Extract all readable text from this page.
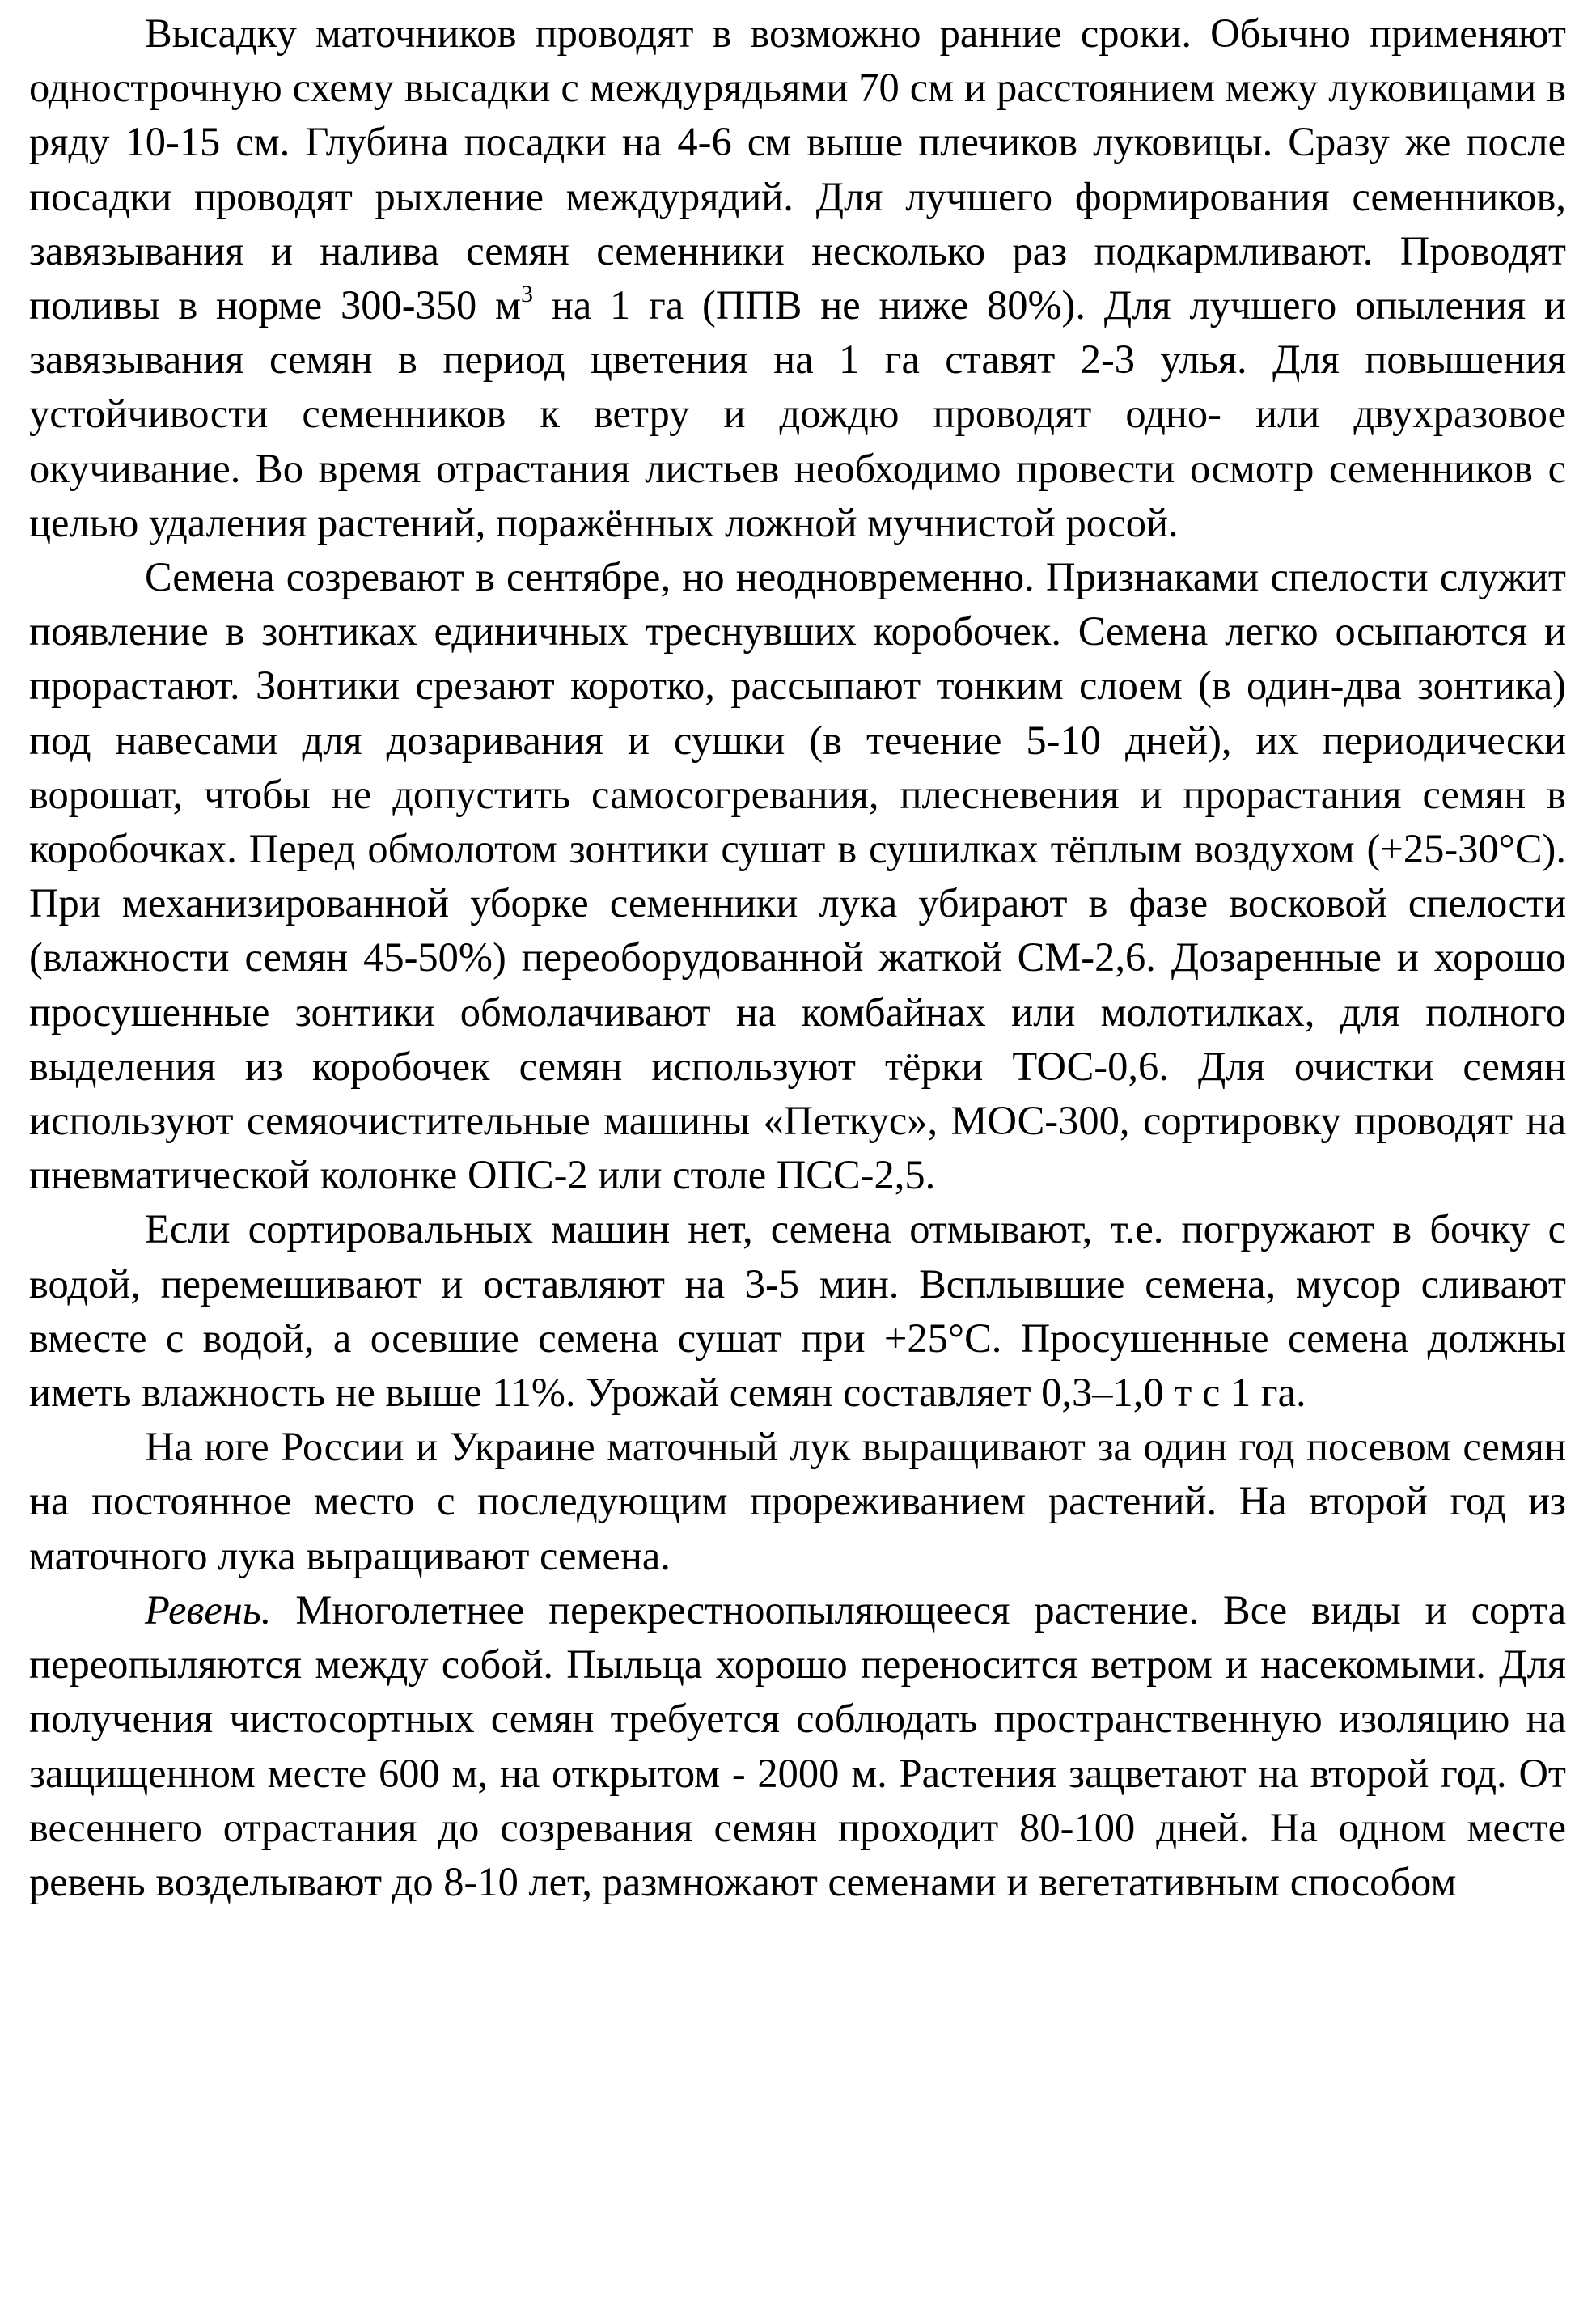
Высадку маточников проводят в возможно ранние сроки. Обычно применяют однострочную схему высадки с междурядьями 70 см и расстоянием межу луковицами в ряду 10-15 см. Глубина посадки на 4-6 см выше плечиков луковицы. Сразу же после посадки проводят рыхление междурядий. Для лучшего формирования семенников, завязывания и налива семян семенники несколько раз подкармливают. Проводят поливы в норме 300-350 $м^3$ на 1 га (ППВ не ниже 80%). Для лучшего опыления и завязывания семян в период цветения на 1 га ставят 2-3 улья. Для повышения устойчивости семенников к ветру и дождю проводят одно- или двухразовое окучивание. Во время отрастания листьев необходимо провести осмотр семенников с целью удаления растений, поражённых ложной мучнистой росой.

Семена созревают в сентябре, но неодновременно. Признаками спелости служит появление в зонтиках единичных треснувших коробочек. Семена легко осыпаются и прорастают. Зонтики срезают коротко, рассыпают тонким слоем (в один-два зонтика) под навесами для дозаривания и сушки (в течение 5-10 дней), их периодически ворошат, чтобы не допустить самосогревания, плесневения и прорастания семян в коробочках. Перед обмолотом зонтики сушат в сушилках тёплым воздухом (+25-30°С). При механизированной уборке семенники лука убирают в фазе восковой спелости (влажности семян 45-50%) переоборудованной жаткой СМ-2,6. Дозаренные и хорошо просушенные зонтики обмолачивают на комбайнах или молотилках, для полного выделения из коробочек семян используют тёрки ТОС-0,6. Для очистки семян используют семяочистительные машины «Петкус», МОС-300, сортировку проводят на пневматической колонке ОПС-2 или столе ПСС-2,5.

Если сортировальных машин нет, семена отмывают, т.е. погружают в бочку с водой, перемешивают и оставляют на 3-5 мин. Всплывшие семена, мусор сливают вместе с водой, а осевшие семена сушат при +25°С. Просушенные семена должны иметь влажность не выше 11%. Урожай семян составляет 0,3–1,0 т с 1 га.

На юге России и Украине маточный лук выращивают за один год посевом семян на постоянное место с последующим прореживанием растений. На второй год из маточного лука выращивают семена.

Ревень. Многолетнее перекрестноопыляющееся растение. Все виды и сорта переопыляются между собой. Пыльца хорошо переносится ветром и насекомыми. Для получения чистосортных семян требуется соблюдать пространственную изоляцию на защищенном месте 600 м, на открытом - 2000 м. Растения зацветают на второй год. От весеннего отрастания до созревания семян проходит 80-100 дней. На одном месте ревень возделывают до 8-10 лет, размножают семенами и вегетативным способом
